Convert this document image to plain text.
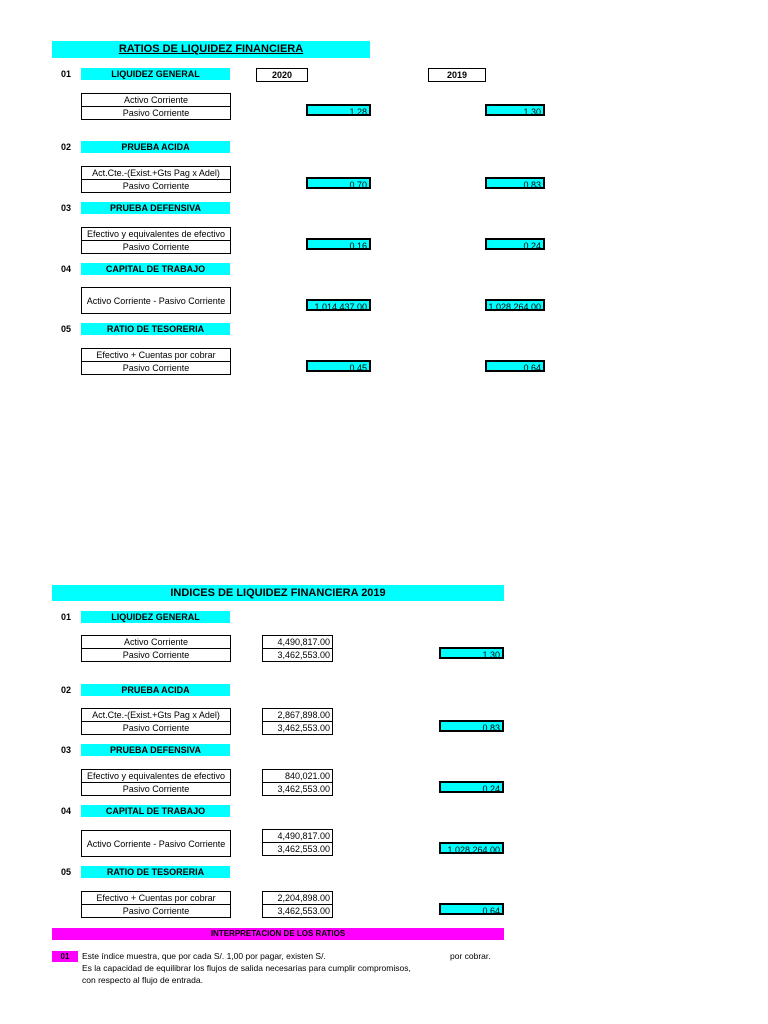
RATIOS DE LIQUIDEZ FINANCIERA
01	LIQUIDEZ GENERAL	2020	2019
Activo Corriente
Pasivo Corriente	1.28	1.30
02	PRUEBA ACIDA
Act.Cte.-(Exist.+Gts Pag x Adel)
Pasivo Corriente	0.70	0.83
03	PRUEBA DEFENSIVA
Efectivo y equivalentes de efectivo
Pasivo Corriente	0.16	0.24
04	CAPITAL DE TRABAJO
Activo Corriente - Pasivo Corriente
1,014,437.00	1,028,264.00
05	RATIO DE TESORERIA
Efectivo + Cuentas por cobrar
Pasivo Corriente	0.45	0.64
INDICES DE LIQUIDEZ FINANCIERA 2019
01	LIQUIDEZ GENERAL
Activo Corriente
Pasivo Corriente	$\frac{4,490,817.00}{3,462,553.00}$	1.30
02	PRUEBA ACIDA
Act.Cte.-(Exist.+Gts Pag x Adel)
Pasivo Corriente	$\frac{2,867,898.00}{3,462,553.00}$	0.83
03	PRUEBA DEFENSIVA
Efectivo y equivalentes de efectivo
Pasivo Corriente	$\frac{840,021.00}{3,462,553.00}$	0.24
04	CAPITAL DE TRABAJO
Activo Corriente - Pasivo Corriente	$\frac{4,490,817.00}{3,462,553.00}$	1,028,264.00
05	RATIO DE TESORERIA
Efectivo + Cuentas por cobrar
Pasivo Corriente	$\frac{2,204,898.00}{3,462,553.00}$	0.64
INTERPRETACION DE LOS RATIOS
01	Este índice muestra, que por cada S/. 1,00 por pagar, existen S/.	por cobrar.
Es la capacidad de equilibrar los flujos de salida necesarias para cumplir compromisos,
con respecto al flujo de entrada.
